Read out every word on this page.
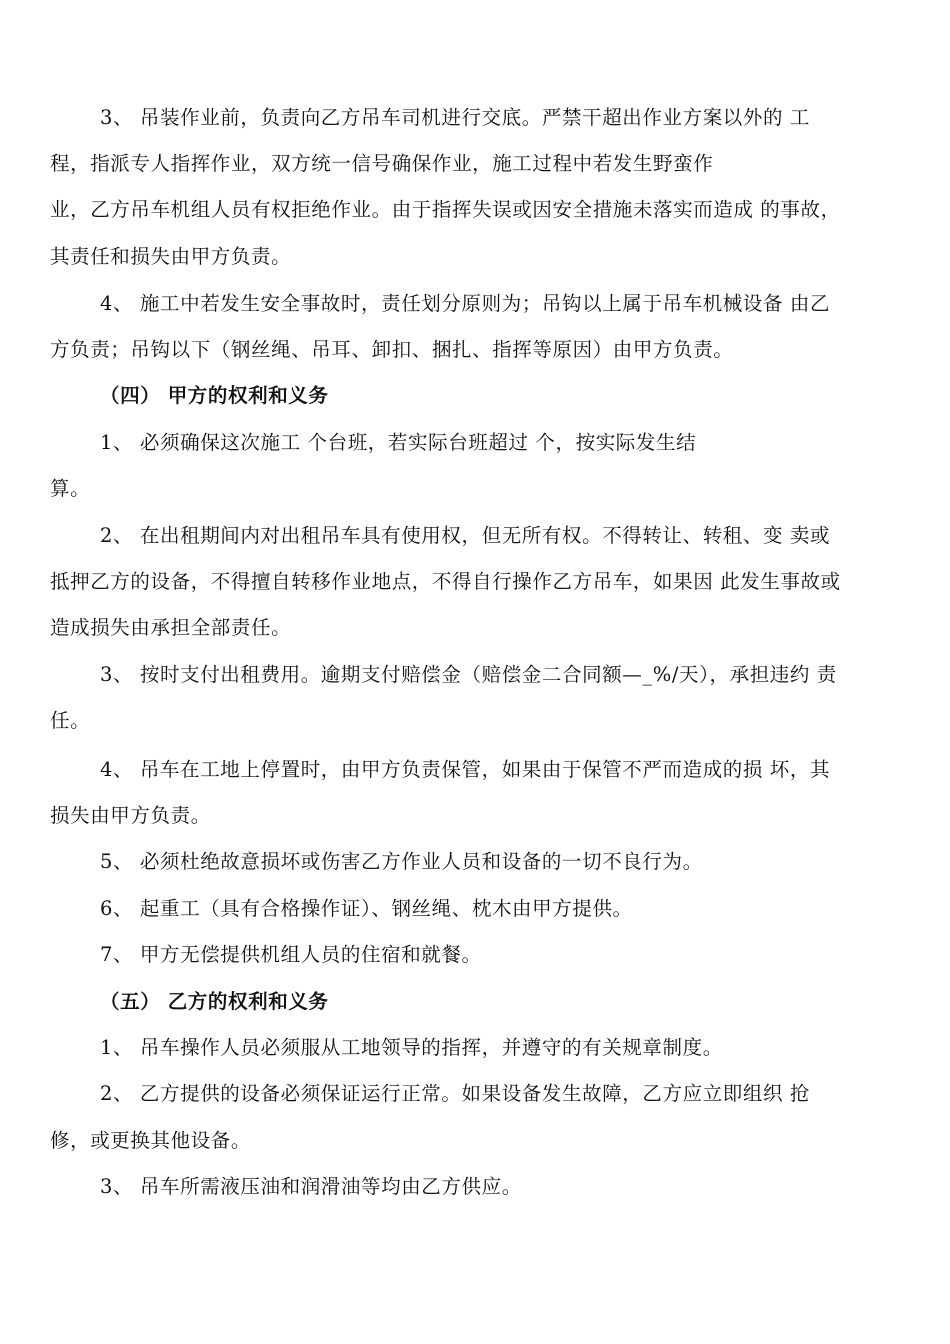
3、 吊装作业前，负责向乙方吊车司机进行交底。严禁干超出作业方案以外的 工
程，指派专人指挥作业，双方统一信号确保作业，施工过程中若发生野蛮作
业，乙方吊车机组人员有权拒绝作业。由于指挥失误或因安全措施未落实而造成 的事故，
其责任和损失由甲方负责。
4、 施工中若发生安全事故时，责任划分原则为；吊钩以上属于吊车机械设备 由乙
方负责；吊钩以下（钢丝绳、吊耳、卸扣、捆扎、指挥等原因）由甲方负责。
（四） 甲方的权利和义务
1、 必须确保这次施工 个台班，若实际台班超过 个，按实际发生结
算。
2、 在出租期间内对出租吊车具有使用权，但无所有权。不得转让、转租、变 卖或
抵押乙方的设备，不得擅自转移作业地点，不得自行操作乙方吊车，如果因 此发生事故或
造成损失由承担全部责任。
3、 按时支付出租费用。逾期支付赔偿金（赔偿金二合同额—_%/天），承担违约 责
任。
4、 吊车在工地上停置时，由甲方负责保管，如果由于保管不严而造成的损 坏，其
损失由甲方负责。
5、 必须杜绝故意损坏或伤害乙方作业人员和设备的一切不良行为。
6、 起重工（具有合格操作证）、钢丝绳、枕木由甲方提供。
7、 甲方无偿提供机组人员的住宿和就餐。
（五） 乙方的权利和义务
1、 吊车操作人员必须服从工地领导的指挥，并遵守的有关规章制度。
2、 乙方提供的设备必须保证运行正常。如果设备发生故障，乙方应立即组织 抢
修，或更换其他设备。
3、 吊车所需液压油和润滑油等均由乙方供应。
